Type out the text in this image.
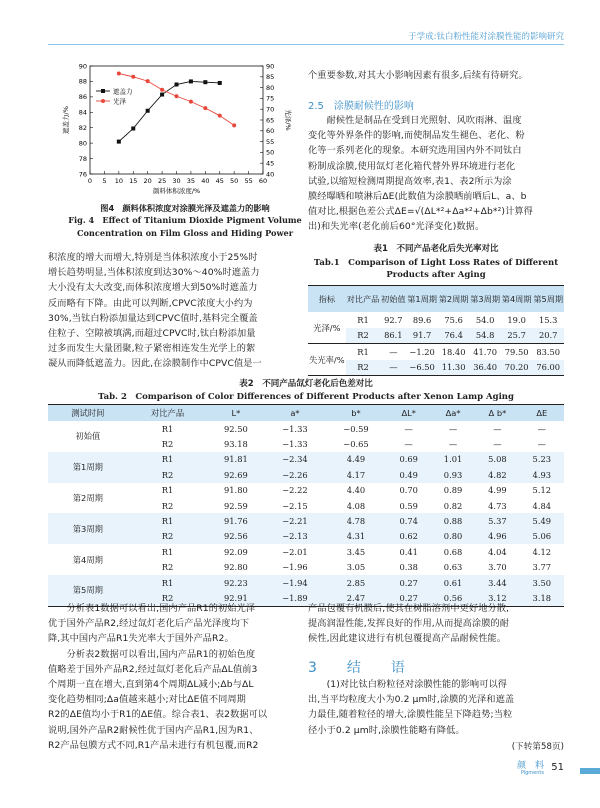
于学成:钛白粉性能对涂膜性能的影响研究
0 5 10 15 20 25 30 35 40 45 50 55 60
76
78
80
82
84
86
88
90
40
45
50
55
60
65
70
75
80
85
90
颜料体积浓度/%
遮盖力/%	光泽/%
遮盖力
光泽
图4　颜料体积浓度对涂膜光泽及遮盖力的影响
Fig. 4　Effect of Titanium Dioxide Pigment Volume
Concentration on Film Gloss and Hiding Power
个重要参数,对其大小影响因素有很多,后续有待研究。
2.5　涂膜耐候性的影响
　　耐候性是制品在受到日光照射、风吹雨淋、温度
变化等外界条件的影响,而使制品发生褪色、老化、粉
化等一系列老化的现象。本研究选用国内外不同钛白
粉制成涂膜,使用氙灯老化箱代替外界环境进行老化
试验,以缩短检测周期提高效率,表1、表2所示为涂
膜经曝晒和喷淋后ΔE(此数值为涂膜晒前晒后L、a、b
值对比,根据色差公式ΔE=√(ΔL*²+Δa*²+Δb*²)计算得
出)和失光率(老化前后60°光泽变化)数据。
表1　不同产品老化后失光率对比
Tab.1　Comparison of Light Loss Rates of Different
Products after Aging
指标	对比产品	初始值	第1周期	第2周期	第3周期	第4周期	第5周期
光泽/%	R1	92.7	89.6	75.6	54.0	19.0	15.3
	R2	86.1	91.7	76.4	54.8	25.7	20.7
失光率/%	R1	—	−1.20	18.40	41.70	79.50	83.50
	R2	—	−6.50	11.30	36.40	70.20	76.00
积浓度的增大而增大,特别是当体积浓度小于25%时
增长趋势明显,当体积浓度到达30%～40%时遮盖力
大小没有太大改变,而体积浓度增大到50%时遮盖力
反而略有下降。由此可以判断,CPVC浓度大小约为
30%,当钛白粉添加量达到CPVC值时,基料完全覆盖
住粒子、空隙被填满,而超过CPVC时,钛白粉添加量
过多而发生大量团聚,粒子紧密相连发生光学上的絮
凝从而降低遮盖力。因此,在涂膜制作中CPVC值是一
表2　不同产品氙灯老化后色差对比
Tab. 2　Comparison of Color Differences of Different Products after Xenon Lamp Aging
测试时间	对比产品	L*	a*	b*	ΔL*	Δa*	Δ b*	ΔE
初始值	R1	92.50	−1.33	−0.59	—	—	—	—
	R2	93.18	−1.33	−0.65	—	—	—	—
第1周期	R1	91.81	−2.34	4.49	0.69	1.01	5.08	5.23
	R2	92.69	−2.26	4.17	0.49	0.93	4.82	4.93
第2周期	R1	91.80	−2.22	4.40	0.70	0.89	4.99	5.12
	R2	92.59	−2.15	4.08	0.59	0.82	4.73	4.84
第3周期	R1	91.76	−2.21	4.78	0.74	0.88	5.37	5.49
	R2	92.56	−2.13	4.31	0.62	0.80	4.96	5.06
第4周期	R1	92.09	−2.01	3.45	0.41	0.68	4.04	4.12
	R2	92.80	−1.96	3.05	0.38	0.63	3.70	3.77
第5周期	R1	92.23	−1.94	2.85	0.27	0.61	3.44	3.50
	R2	92.91	−1.89	2.47	0.27	0.56	3.12	3.18
　　分析表1数据可以看出,国内产品R1的初始光泽
优于国外产品R2,经过氙灯老化后产品光泽度均下
降,其中国内产品R1失光率大于国外产品R2。
　　分析表2数据可以看出,国内产品R1的初始色度
值略差于国外产品R2,经过氙灯老化后产品ΔL值前3
个周期一直在增大,直到第4个周期ΔL减小;Δb与ΔL
变化趋势相同;Δa值越来越小;对比ΔE值不同周期
R2的ΔE值均小于R1的ΔE值。综合表1、表2数据可以
说明,国外产品R2耐候性优于国内产品R1,因为R1、
R2产品包膜方式不同,R1产品未进行有机包覆,而R2
产品包覆有机膜后,使其在树脂溶剂中更好地分散,
提高润湿性能,发挥良好的作用,从而提高涂膜的耐
候性,因此建议进行有机包覆提高产品耐候性能。
3　结　语
　　(1)对比钛白粉粒径对涂膜性能的影响可以得
出,当平均粒度大小为0.2 μm时,涂膜的光泽和遮盖
力最佳,随着粒径的增大,涂膜性能呈下降趋势;当粒
径小于0.2 μm时,涂膜性能略有降低。
(下转第58页)
颜　料
Pigments 51
